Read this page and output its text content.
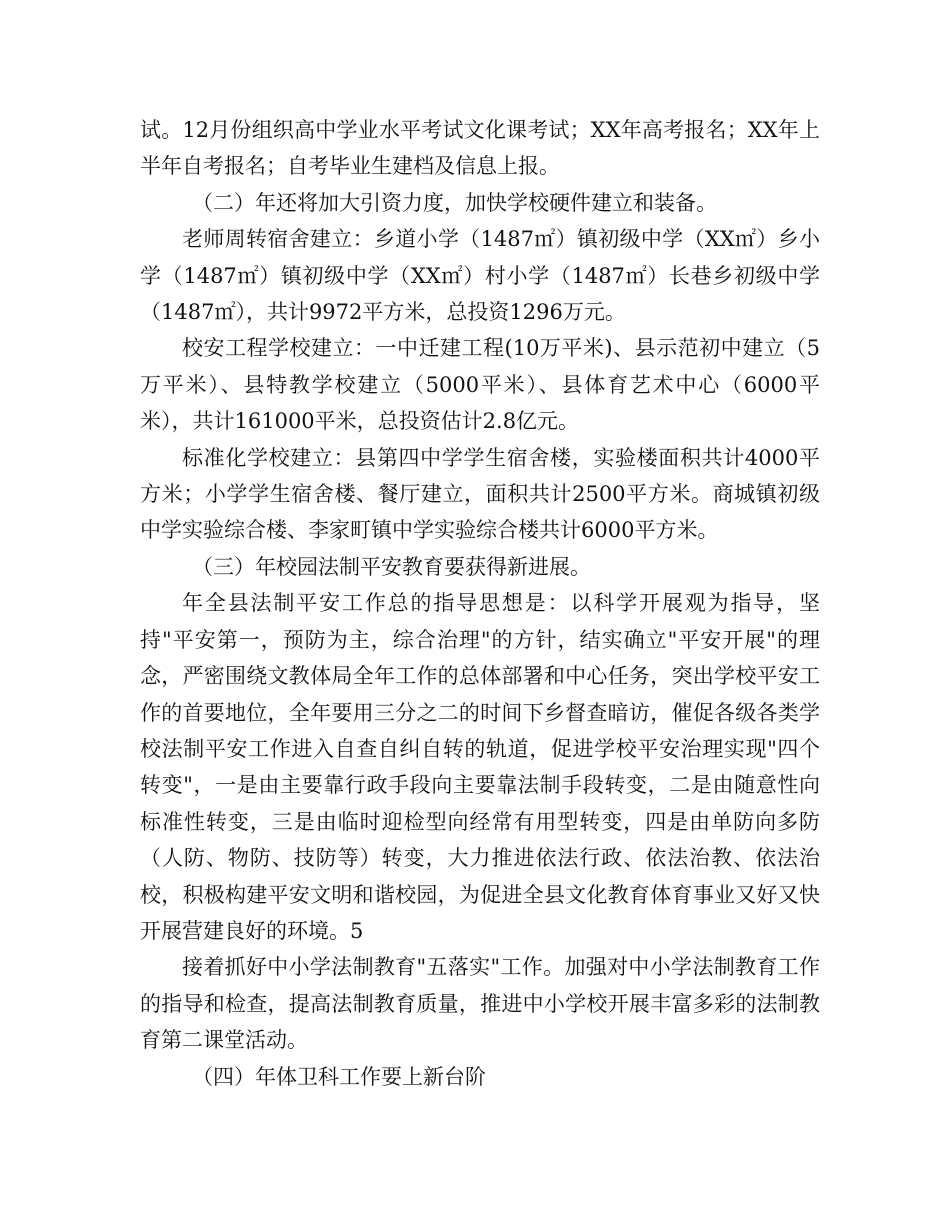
试。12月份组织高中学业水平考试文化课考试；XX年高考报名；XX年上半年自考报名；自考毕业生建档及信息上报。

（二）年还将加大引资力度，加快学校硬件建立和装备。

老师周转宿舍建立：乡道小学（1487㎡）镇初级中学（XX㎡）乡小学（1487㎡）镇初级中学（XX㎡）村小学（1487㎡）长巷乡初级中学（1487㎡），共计9972平方米，总投资1296万元。

校安工程学校建立：一中迁建工程(10万平米)、县示范初中建立（5万平米）、县特教学校建立（5000平米）、县体育艺术中心（6000平米），共计161000平米，总投资估计2.8亿元。

标准化学校建立：县第四中学学生宿舍楼，实验楼面积共计4000平方米；小学学生宿舍楼、餐厅建立，面积共计2500平方米。商城镇初级中学实验综合楼、李家町镇中学实验综合楼共计6000平方米。

（三）年校园法制平安教育要获得新进展。

年全县法制平安工作总的指导思想是：以科学开展观为指导，坚持"平安第一，预防为主，综合治理"的方针，结实确立"平安开展"的理念，严密围绕文教体局全年工作的总体部署和中心任务，突出学校平安工作的首要地位，全年要用三分之二的时间下乡督查暗访，催促各级各类学校法制平安工作进入自查自纠自转的轨道，促进学校平安治理实现"四个转变"，一是由主要靠行政手段向主要靠法制手段转变，二是由随意性向标准性转变，三是由临时迎检型向经常有用型转变，四是由单防向多防（人防、物防、技防等）转变，大力推进依法行政、依法治教、依法治校，积极构建平安文明和谐校园，为促进全县文化教育体育事业又好又快开展营建良好的环境。5

接着抓好中小学法制教育"五落实"工作。加强对中小学法制教育工作的指导和检查，提高法制教育质量，推进中小学校开展丰富多彩的法制教育第二课堂活动。

（四）年体卫科工作要上新台阶
